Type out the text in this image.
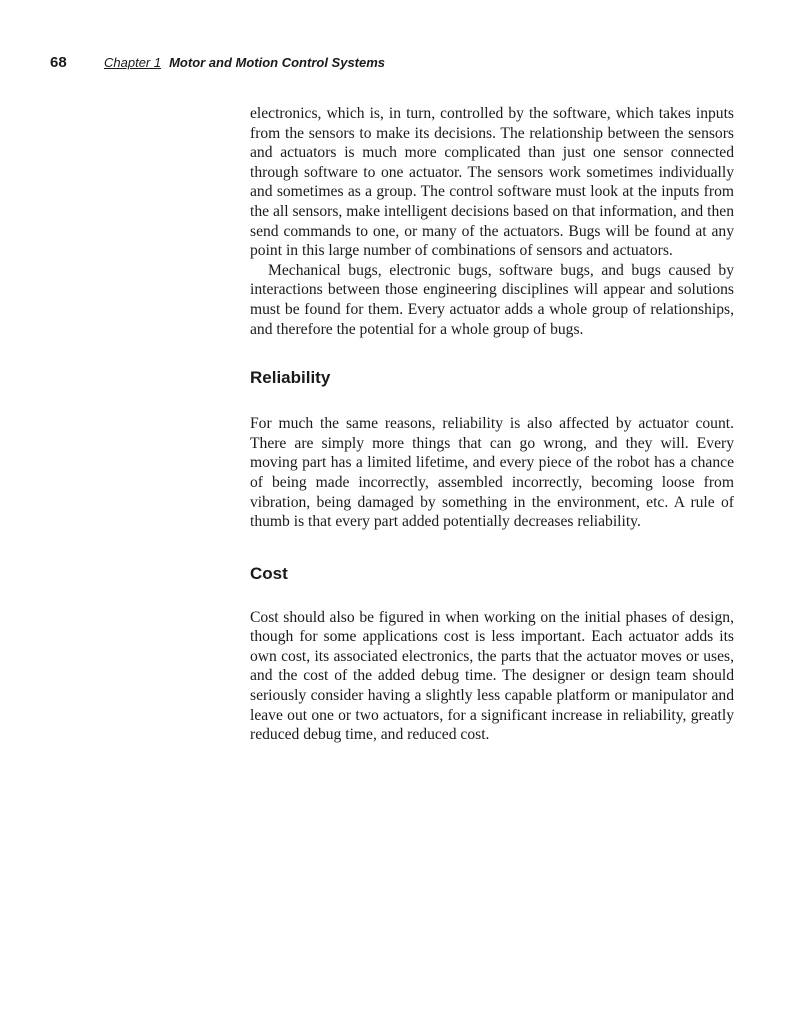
68	Chapter 1 Motor and Motion Control Systems

electronics, which is, in turn, controlled by the software, which takes inputs from the sensors to make its decisions. The relationship between the sensors and actuators is much more complicated than just one sensor connected through software to one actuator. The sensors work sometimes individually and sometimes as a group. The control software must look at the inputs from the all sensors, make intelligent decisions based on that information, and then send commands to one, or many of the actuators. Bugs will be found at any point in this large number of combinations of sensors and actuators.

Mechanical bugs, electronic bugs, software bugs, and bugs caused by interactions between those engineering disciplines will appear and solutions must be found for them. Every actuator adds a whole group of relationships, and therefore the potential for a whole group of bugs.

Reliability

For much the same reasons, reliability is also affected by actuator count. There are simply more things that can go wrong, and they will. Every moving part has a limited lifetime, and every piece of the robot has a chance of being made incorrectly, assembled incorrectly, becoming loose from vibration, being damaged by something in the environment, etc. A rule of thumb is that every part added potentially decreases reliability.

Cost

Cost should also be figured in when working on the initial phases of design, though for some applications cost is less important. Each actuator adds its own cost, its associated electronics, the parts that the actuator moves or uses, and the cost of the added debug time. The designer or design team should seriously consider having a slightly less capable platform or manipulator and leave out one or two actuators, for a significant increase in reliability, greatly reduced debug time, and reduced cost.
